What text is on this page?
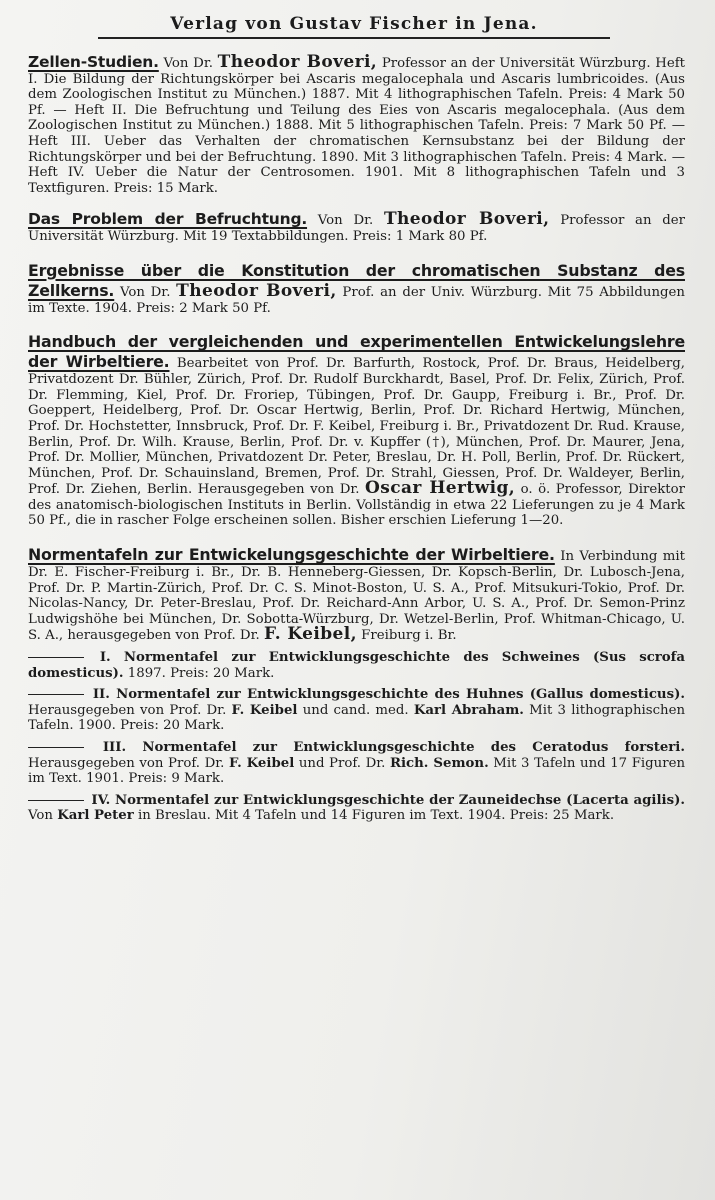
Verlag von Gustav Fischer in Jena.
Zellen-Studien. Von Dr. Theodor Boveri, Professor an der Universität Würzburg. Heft I. Die Bildung der Richtungskörper bei Ascaris megalocephala und Ascaris lumbricoides. (Aus dem Zoologischen Institut zu München.) 1887. Mit 4 lithographischen Tafeln. Preis: 4 Mark 50 Pf. — Heft II. Die Befruchtung und Teilung des Eies von Ascaris megalocephala. (Aus dem Zoologischen Institut zu München.) 1888. Mit 5 lithographischen Tafeln. Preis: 7 Mark 50 Pf. — Heft III. Ueber das Verhalten der chromatischen Kernsubstanz bei der Bildung der Richtungskörper und bei der Befruchtung. 1890. Mit 3 lithographischen Tafeln. Preis: 4 Mark. — Heft IV. Ueber die Natur der Centrosomen. 1901. Mit 8 lithographischen Tafeln und 3 Textfiguren. Preis: 15 Mark.
Das Problem der Befruchtung. Von Dr. Theodor Boveri, Professor an der Universität Würzburg. Mit 19 Textabbildungen. Preis: 1 Mark 80 Pf.
Ergebnisse über die Konstitution der chromatischen Substanz des Zellkerns. Von Dr. Theodor Boveri, Prof. an der Univ. Würzburg. Mit 75 Abbildungen im Texte. 1904. Preis: 2 Mark 50 Pf.
Handbuch der vergleichenden und experimentellen Entwickelungslehre der Wirbeltiere. Bearbeitet von Prof. Dr. Barfurth, Rostock, Prof. Dr. Braus, Heidelberg, Privatdozent Dr. Bühler, Zürich, Prof. Dr. Rudolf Burckhardt, Basel, Prof. Dr. Felix, Zürich, Prof. Dr. Flemming, Kiel, Prof. Dr. Froriep, Tübingen, Prof. Dr. Gaupp, Freiburg i. Br., Prof. Dr. Goeppert, Heidelberg, Prof. Dr. Oscar Hertwig, Berlin, Prof. Dr. Richard Hertwig, München, Prof. Dr. Hochstetter, Innsbruck, Prof. Dr. F. Keibel, Freiburg i. Br., Privatdozent Dr. Rud. Krause, Berlin, Prof. Dr. Wilh. Krause, Berlin, Prof. Dr. v. Kupffer (†), München, Prof. Dr. Maurer, Jena, Prof. Dr. Mollier, München, Privatdozent Dr. Peter, Breslau, Dr. H. Poll, Berlin, Prof. Dr. Rückert, München, Prof. Dr. Schauinsland, Bremen, Prof. Dr. Strahl, Giessen, Prof. Dr. Waldeyer, Berlin, Prof. Dr. Ziehen, Berlin. Herausgegeben von Dr. Oscar Hertwig, o. ö. Professor, Direktor des anatomisch-biologischen Instituts in Berlin. Vollständig in etwa 22 Lieferungen zu je 4 Mark 50 Pf., die in rascher Folge erscheinen sollen. Bisher erschien Lieferung 1—20.
Normentafeln zur Entwickelungsgeschichte der Wirbeltiere. In Verbindung mit Dr. E. Fischer-Freiburg i. Br., Dr. B. Henneberg-Giessen, Dr. Kopsch-Berlin, Dr. Lubosch-Jena, Prof. Dr. P. Martin-Zürich, Prof. Dr. C. S. Minot-Boston, U. S. A., Prof. Mitsukuri-Tokio, Prof. Dr. Nicolas-Nancy, Dr. Peter-Breslau, Prof. Dr. Reichard-Ann Arbor, U. S. A., Prof. Dr. Semon-Prinz Ludwigshöhe bei München, Dr. Sobotta-Würzburg, Dr. Wetzel-Berlin, Prof. Whitman-Chicago, U. S. A., herausgegeben von Prof. Dr. F. Keibel, Freiburg i. Br.
I. Normentafel zur Entwicklungsgeschichte des Schweines (Sus scrofa domesticus). 1897. Preis: 20 Mark.
II. Normentafel zur Entwicklungsgeschichte des Huhnes (Gallus domesticus). Herausgegeben von Prof. Dr. F. Keibel und cand. med. Karl Abraham. Mit 3 lithographischen Tafeln. 1900. Preis: 20 Mark.
III. Normentafel zur Entwicklungsgeschichte des Ceratodus forsteri. Herausgegeben von Prof. Dr. F. Keibel und Prof. Dr. Rich. Semon. Mit 3 Tafeln und 17 Figuren im Text. 1901. Preis: 9 Mark.
IV. Normentafel zur Entwicklungsgeschichte der Zauneidechse (Lacerta agilis). Von Karl Peter in Breslau. Mit 4 Tafeln und 14 Figuren im Text. 1904. Preis: 25 Mark.
